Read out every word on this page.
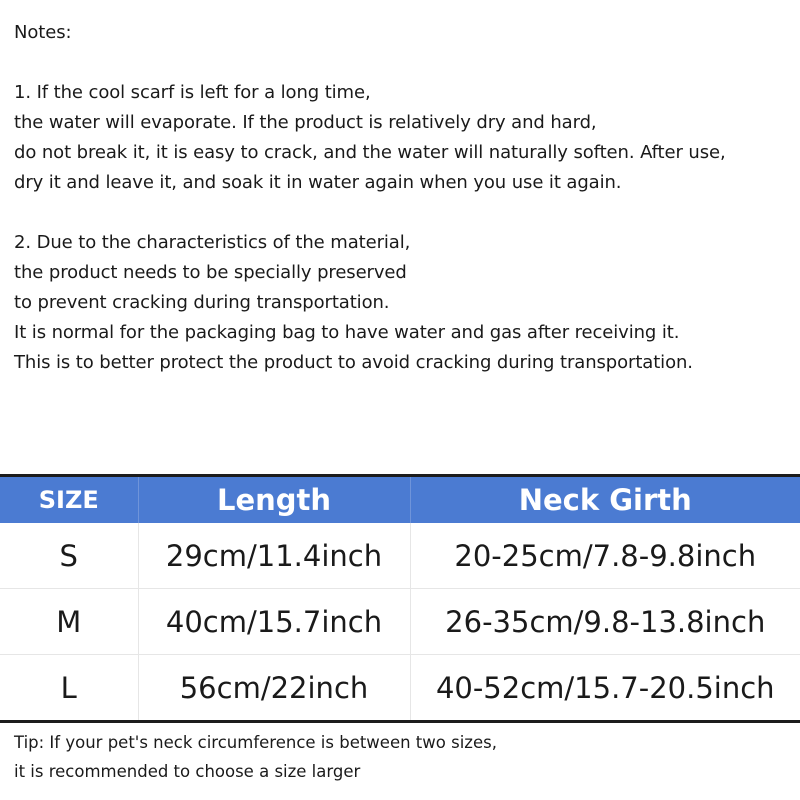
Notes:
1. If the cool scarf is left for a long time,
the water will evaporate. If the product is relatively dry and hard,
do not break it, it is easy to crack, and the water will naturally soften. After use,
dry it and leave it, and soak it in water again when you use it again.
2. Due to the characteristics of the material,
the product needs to be specially preserved
to prevent cracking during transportation.
It is normal for the packaging bag to have water and gas after receiving it.
This is to better protect the product to avoid cracking during transportation.
SIZE	Length	Neck Girth
S	29cm/11.4inch	20-25cm/7.8-9.8inch
M	40cm/15.7inch	26-35cm/9.8-13.8inch
L	56cm/22inch	40-52cm/15.7-20.5inch
Tip: If your pet's neck circumference is between two sizes,
it is recommended to choose a size larger
